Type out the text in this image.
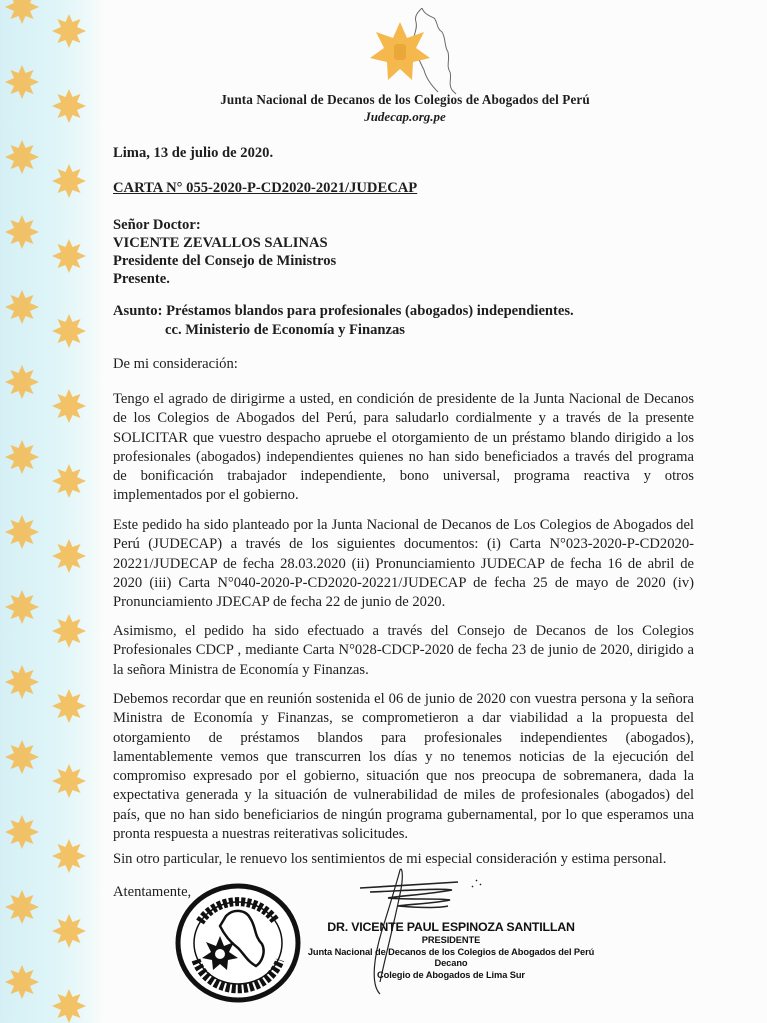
Junta Nacional de Decanos de los Colegios de Abogados del Perú
Judecap.org.pe
Lima, 13 de julio de 2020.
CARTA N° 055-2020-P-CD2020-2021/JUDECAP
Señor Doctor:
VICENTE ZEVALLOS SALINAS
Presidente del Consejo de Ministros
Presente.
Asunto: Préstamos blandos para profesionales (abogados) independientes.
cc. Ministerio de Economía y Finanzas
De mi consideración:
Tengo el agrado de dirigirme a usted, en condición de presidente de la Junta Nacional de Decanos de los Colegios de Abogados del Perú, para saludarlo cordialmente y a través de la presente SOLICITAR que vuestro despacho apruebe el otorgamiento de un préstamo blando dirigido a los profesionales (abogados) independientes quienes no han sido beneficiados a través del programa de bonificación trabajador independiente, bono universal, programa reactiva y otros implementados por el gobierno.
Este pedido ha sido planteado por la Junta Nacional de Decanos de Los Colegios de Abogados del Perú (JUDECAP) a través de los siguientes documentos: (i) Carta N°023-2020-P-CD2020-20221/JUDECAP de fecha 28.03.2020 (ii) Pronunciamiento JUDECAP de fecha 16 de abril de 2020 (iii) Carta N°040-2020-P-CD2020-20221/JUDECAP de fecha 25 de mayo de 2020 (iv) Pronunciamiento JDECAP de fecha 22 de junio de 2020.
Asimismo, el pedido ha sido efectuado a través del Consejo de Decanos de los Colegios Profesionales CDCP , mediante Carta N°028-CDCP-2020 de fecha 23 de junio de 2020, dirigido a la señora Ministra de Economía y Finanzas.
Debemos recordar que en reunión sostenida el 06 de junio de 2020 con vuestra persona y la señora Ministra de Economía y Finanzas, se comprometieron a dar viabilidad a la propuesta del otorgamiento de préstamos blandos para profesionales independientes (abogados), lamentablemente vemos que transcurren los días y no tenemos noticias de la ejecución del compromiso expresado por el gobierno, situación que nos preocupa de sobremanera, dada la expectativa generada y la situación de vulnerabilidad de miles de profesionales (abogados) del país, que no han sido beneficiarios de ningún programa gubernamental, por lo que esperamos una pronta respuesta a nuestras reiterativas solicitudes.
Sin otro particular, le renuevo los sentimientos de mi especial consideración y estima personal.
Atentamente,
DR. VICENTE PAUL ESPINOZA SANTILLAN
PRESIDENTE
Junta Nacional de Decanos de los Colegios de Abogados del Perú
Decano
Colegio de Abogados de Lima Sur
